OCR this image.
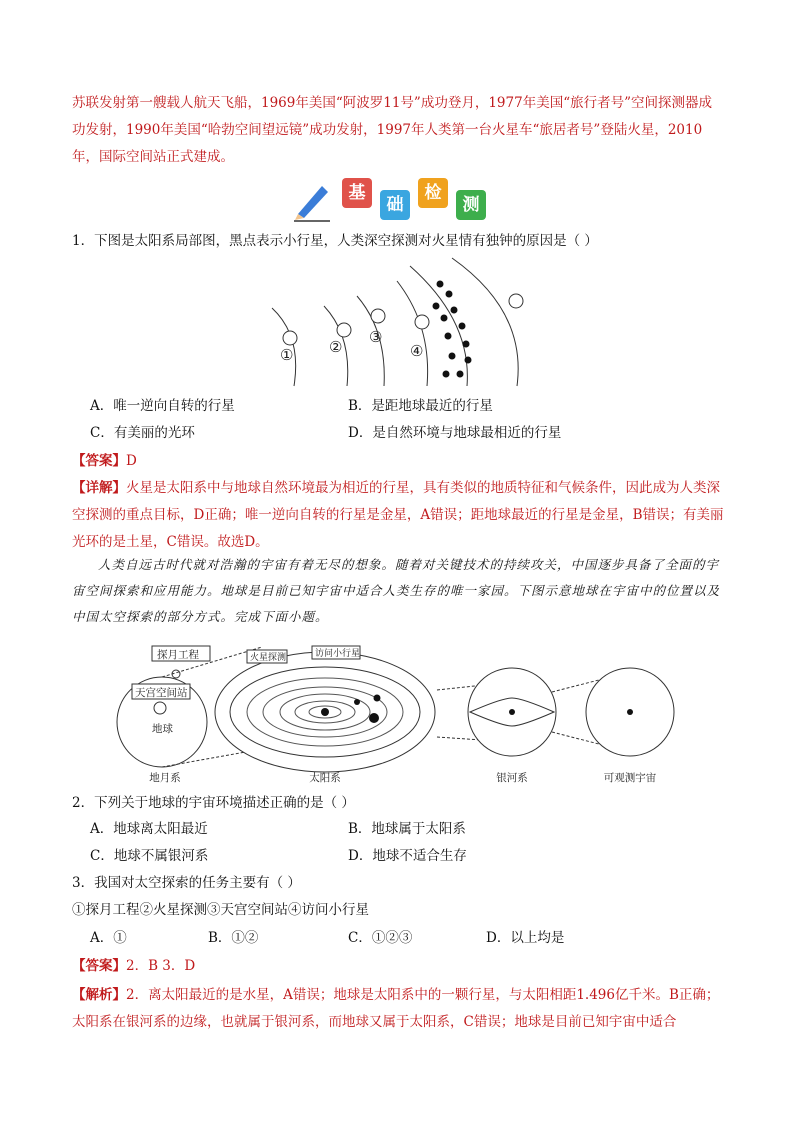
苏联发射第一艘载人航天飞船，1969年美国“阿波罗11号”成功登月，1977年美国“旅行者号”空间探测器成功发射，1990年美国“哈勃空间望远镜”成功发射，1997年人类第一台火星车“旅居者号”登陆火星，2010年，国际空间站正式建成。
基
础
检
测
1．下图是太阳系局部图，黑点表示小行星，人类深空探测对火星情有独钟的原因是（ ）
① ②
③
④
A．唯一逆向自转的行星	B．是距地球最近的行星
C．有美丽的光环	D．是自然环境与地球最相近的行星
【答案】D
【详解】火星是太阳系中与地球自然环境最为相近的行星，具有类似的地质特征和气候条件，因此成为人类深空探测的重点目标，D正确；唯一逆向自转的行星是金星，A错误；距地球最近的行星是金星，B错误；有美丽光环的是土星，C错误。故选D。
人类自远古时代就对浩瀚的宇宙有着无尽的想象。随着对关键技术的持续攻关，中国逐步具备了全面的宇宙空间探索和应用能力。地球是目前已知宇宙中适合人类生存的唯一家园。下图示意地球在宇宙中的位置以及中国太空探索的部分方式。完成下面小题。
探月工程
天宫空间站
地球
火星探测	访问小行星
地月系	太阳系	银河系	可观测宇宙
2．下列关于地球的宇宙环境描述正确的是（ ）
A．地球离太阳最近	B．地球属于太阳系
C．地球不属银河系	D．地球不适合生存
3．我国对太空探索的任务主要有（ ）
①探月工程②火星探测③天宫空间站④访问小行星
A．①	B．①②	C．①②③	D．以上均是
【答案】2．B 3．D
【解析】2．离太阳最近的是水星，A错误；地球是太阳系中的一颗行星，与太阳相距1.496亿千米。B正确；太阳系在银河系的边缘，也就属于银河系，而地球又属于太阳系，C错误；地球是目前已知宇宙中适合
